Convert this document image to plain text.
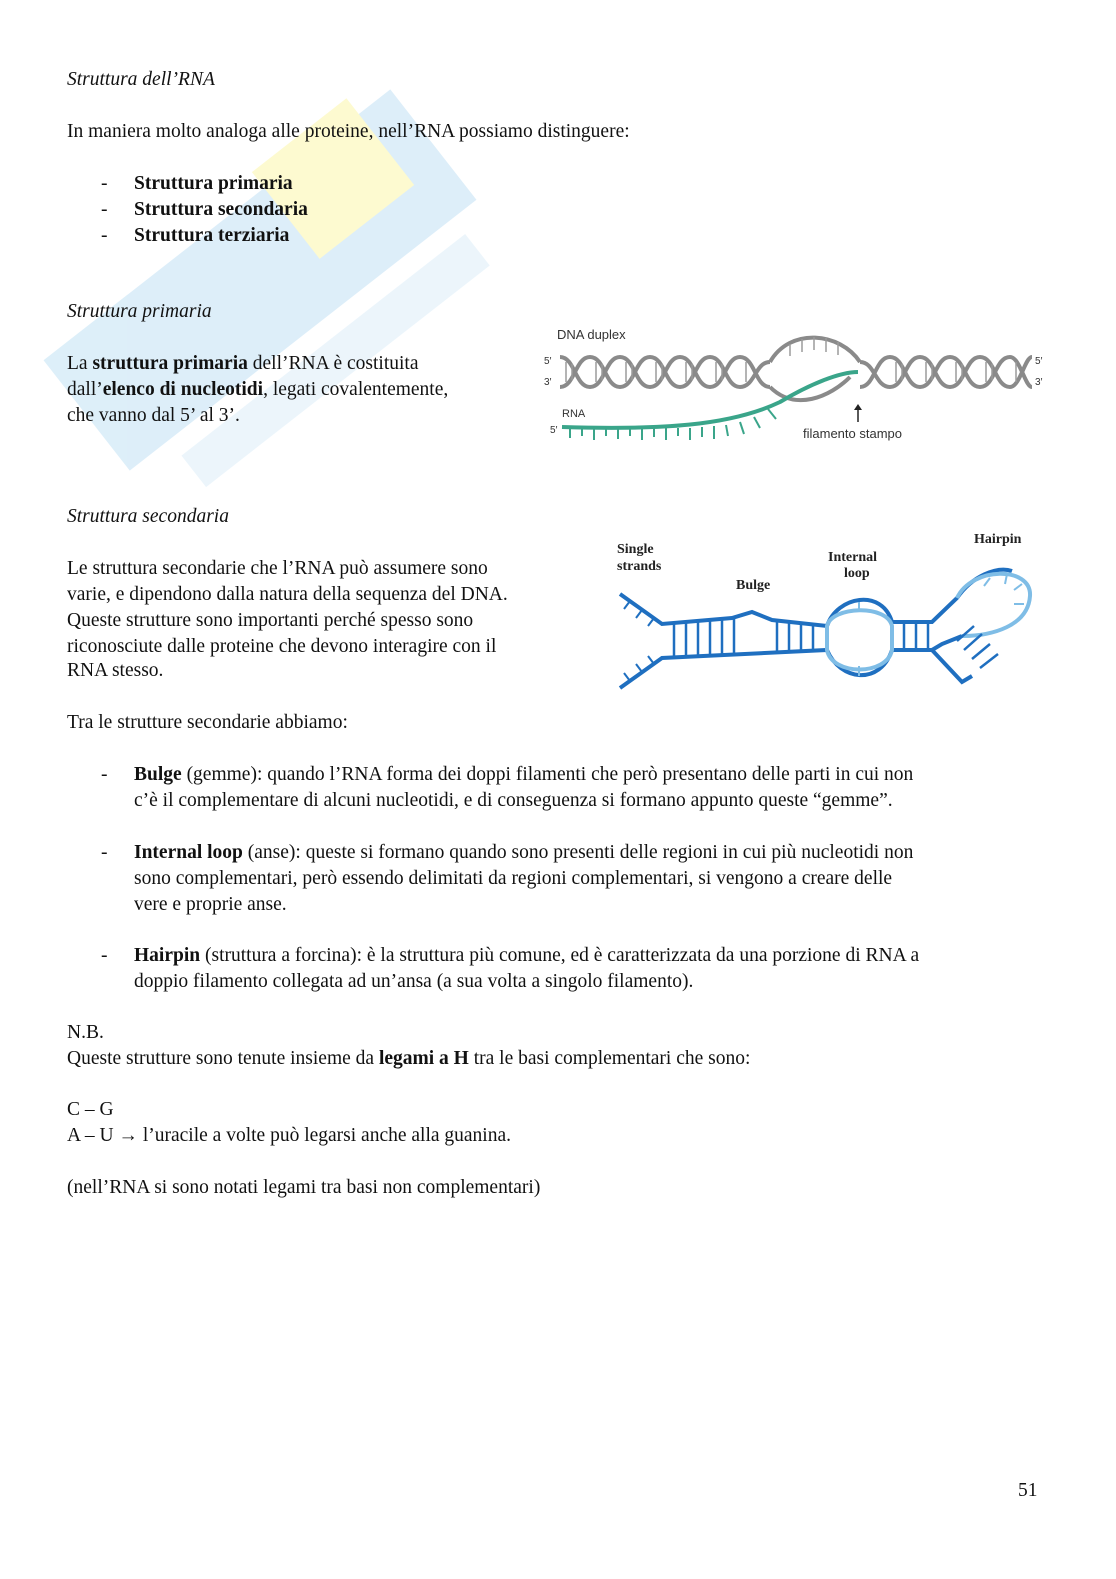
Struttura dell’RNA

In maniera molto analoga alle proteine, nell’RNA possiamo distinguere:

- Struttura primaria
- Struttura secondaria
- Struttura terziaria

Struttura primaria

La struttura primaria dell’RNA è costituita

dall’elenco di nucleotidi, legati covalentemente,

che vanno dal 5’ al 3’.

DNA duplex
5′
3′
5′
3′
RNA
5′	filamento stampo

Struttura secondaria

Le struttura secondarie che l’RNA può assumere sono

varie, e dipendono dalla natura della sequenza del DNA.

Queste strutture sono importanti perché spesso sono

riconosciute dalle proteine che devono interagire con il

RNA stesso.

Single
strands
Bulge
Internal
loop
Hairpin

Tra le strutture secondarie abbiamo:

- Bulge (gemme): quando l’RNA forma dei doppi filamenti che però presentano delle parti in cui non

c’è il complementare di alcuni nucleotidi, e di conseguenza si formano appunto queste “gemme”.

- Internal loop (anse): queste si formano quando sono presenti delle regioni in cui più nucleotidi non

sono complementari, però essendo delimitati da regioni complementari, si vengono a creare delle

vere e proprie anse.

- Hairpin (struttura a forcina): è la struttura più comune, ed è caratterizzata da una porzione di RNA a

doppio filamento collegata ad un’ansa (a sua volta a singolo filamento).

N.B.

Queste strutture sono tenute insieme da legami a H tra le basi complementari che sono:

C – G

A – U → l’uracile a volte può legarsi anche alla guanina.

(nell’RNA si sono notati legami tra basi non complementari)

51
